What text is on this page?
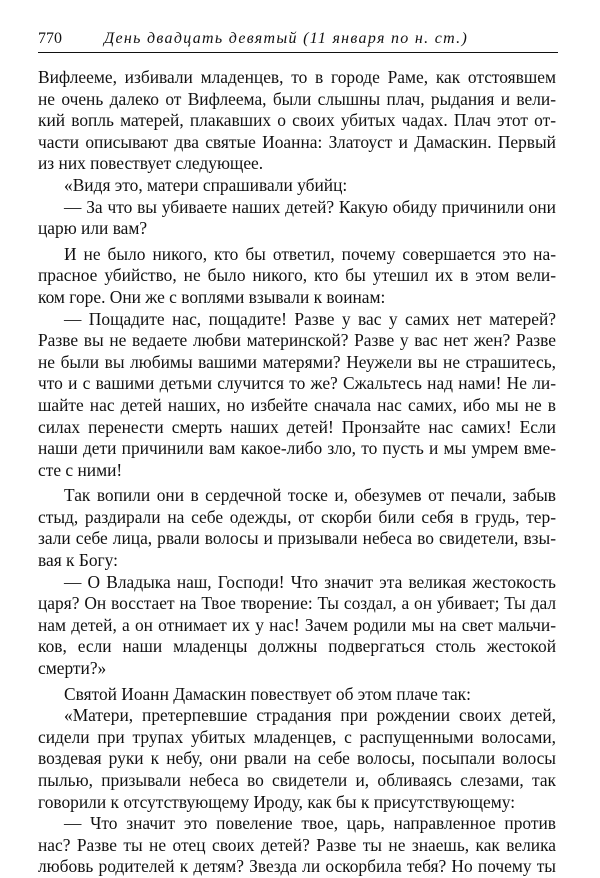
770	День двадцать девятый (11 января по н. ст.)
Вифлееме, избивали младенцев, то в городе Раме, как отстоявшем
не очень далеко от Вифлеема, были слышны плач, рыдания и вели-
кий вопль матерей, плакавших о своих убитых чадах. Плач этот от-
части описывают два святые Иоанна: Златоуст и Дамаскин. Первый
из них повествует следующее.
«Видя это, матери спрашивали убийц:
— За что вы убиваете наших детей? Какую обиду причинили они
царю или вам?
И не было никого, кто бы ответил, почему совершается это на-
прасное убийство, не было никого, кто бы утешил их в этом вели-
ком горе. Они же с воплями взывали к воинам:
— Пощадите нас, пощадите! Разве у вас у самих нет матерей?
Разве вы не ведаете любви материнской? Разве у вас нет жен? Разве
не были вы любимы вашими матерями? Неужели вы не страшитесь,
что и с вашими детьми случится то же? Сжальтесь над нами! Не ли-
шайте нас детей наших, но избейте сначала нас самих, ибо мы не в
силах перенести смерть наших детей! Пронзайте нас самих! Если
наши дети причинили вам какое-либо зло, то пусть и мы умрем вме-
сте с ними!
Так вопили они в сердечной тоске и, обезумев от печали, забыв
стыд, раздирали на себе одежды, от скорби били себя в грудь, тер-
зали себе лица, рвали волосы и призывали небеса во свидетели, взы-
вая к Богу:
— О Владыка наш, Господи! Что значит эта великая жестокость
царя? Он восстает на Твое творение: Ты создал, а он убивает; Ты дал
нам детей, а он отнимает их у нас! Зачем родили мы на свет мальчи-
ков, если наши младенцы должны подвергаться столь жестокой
смерти?»
Святой Иоанн Дамаскин повествует об этом плаче так:
«Матери, претерпевшие страдания при рождении своих детей,
сидели при трупах убитых младенцев, с распущенными волосами,
воздевая руки к небу, они рвали на себе волосы, посыпали волосы
пылью, призывали небеса во свидетели и, обливаясь слезами, так
говорили к отсутствующему Ироду, как бы к присутствующему:
— Что значит это повеление твое, царь, направленное против
нас? Разве ты не отец своих детей? Разве ты не знаешь, как велика
любовь родителей к детям? Звезда ли оскорбила тебя? Но почему ты
